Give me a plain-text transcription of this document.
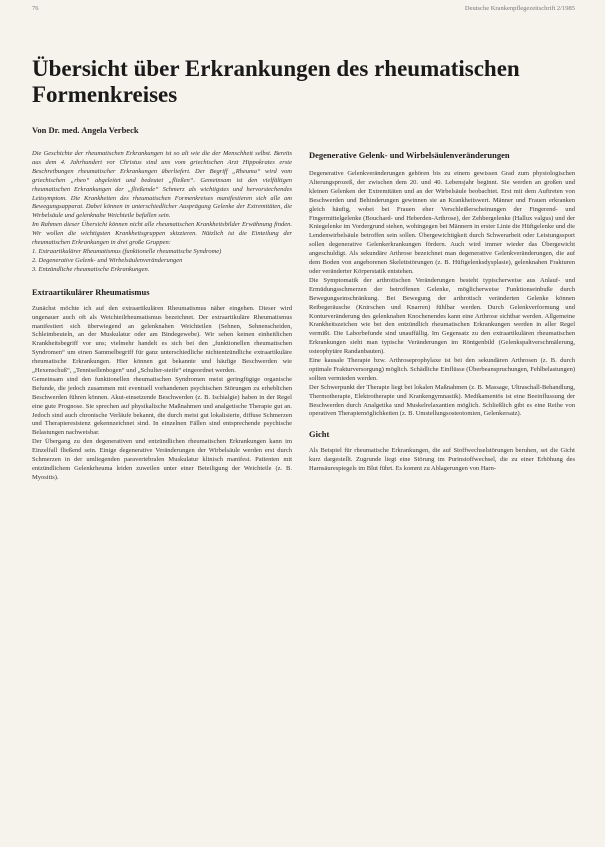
76	Deutsche Krankenpflegezeitschrift 2/1985
Übersicht über Erkrankungen des rheumatischen Formenkreises
Von Dr. med. Angela Verbeck

Die Geschichte der rheumatischen Erkrankungen ist so alt wie die der Menschheit selbst. Bereits aus dem 4. Jahrhundert vor Christus sind uns vom griechischen Arzt Hippokrates erste Beschreibungen rheumatischer Erkrankungen überliefert. Der Begriff „Rheuma“ wird vom griechischen „rheo“ abgeleitet und bedeutet „fließen“. Gemeinsam ist den vielfältigen rheumatischen Erkrankungen der „fließende“ Schmerz als wichtigstes und hervorstechendes Leitsymptom. Die Krankheiten des rheumatischen Formenkreises manifestieren sich alle am Bewegungsapparat. Dabei können in unterschiedlicher Ausprägung Gelenke der Extremitäten, die Wirbelsäule und gelenknahe Weichteile befallen sein.

Im Rahmen dieser Übersicht können nicht alle rheumatischen Krankheitsbilder Erwähnung finden. Wir wollen die wichtigsten Krankheitsgruppen skizzieren. Nützlich ist die Einteilung der rheumatischen Erkrankungen in drei große Gruppen:

1. Extraartikulärer Rheumatismus (funktionelle rheumatische Syndrome)
2. Degenerative Gelenk- und Wirbelsäulenveränderungen
3. Entzündliche rheumatische Erkrankungen.
Extraartikulärer Rheumatismus

Zunächst möchte ich auf den extraartikulären Rheumatismus näher eingehen. Dieser wird ungenauer auch oft als Weichteilrheumatismus bezeichnet. Der extraartikuläre Rheumatismus manifestiert sich überwiegend an gelenknahen Weichteilen (Sehnen, Sehnenscheiden, Schleimbeuteln, an der Muskulatur oder am Bindegewebe). Wir sehen keinen einheitlichen Krankheitsbegriff vor uns; vielmehr handelt es sich bei den „funktionellen rheumatischen Syndromen“ um einen Sammelbegriff für ganz unterschiedliche nichtentzündliche extraartikuläre rheumatische Erkrankungen. Hier können gut bekannte und häufige Beschwerden wie „Hexenschuß“, „Tennisellenbogen“ und „Schulter-steife“ eingeordnet werden.

Gemeinsam sind den funktionellen rheumatischen Syndromen meist geringfügige organische Befunde, die jedoch zusammen mit eventuell vorhandenen psychischen Störungen zu erheblichen Beschwerden führen können. Akut-einsetzende Beschwerden (z. B. Ischialgie) haben in der Regel eine gute Prognose. Sie sprechen auf physikalische Maßnahmen und analgetische Therapie gut an. Jedoch sind auch chronische Verläufe bekannt, die durch meist gut lokalisierte, diffuse Schmerzen und Therapieresistenz gekennzeichnet sind. In einzelnen Fällen sind entsprechende psychische Belastungen nachweisbar.

Der Übergang zu den degenerativen und entzündlichen rheumatischen Erkrankungen kann im Einzelfall fließend sein. Einige degenerative Veränderungen der Wirbelsäule werden erst durch Schmerzen in der umliegenden paravertebralen Muskulatur klinisch manifest. Patienten mit entzündlichem Gelenkrheuma leiden zuweilen unter einer Beteiligung der Weichteile (z. B. Myositis).

Degenerative Gelenk- und Wirbelsäulenveränderungen

Degenerative Gelenkveränderungen gehören bis zu einem gewissen Grad zum physiologischen Alterungsprozeß, der zwischen dem 20. und 40. Lebensjahr beginnt. Sie werden an großen und kleinen Gelenken der Extremitäten und an der Wirbelsäule beobachtet. Erst mit dem Auftreten von Beschwerden und Behinderungen gewinnen sie an Krankheitswert. Männer und Frauen erkranken gleich häufig, wobei bei Frauen eher Verschleißerscheinungen der Fingerend- und Fingermittelgelenke (Bouchard- und Heberden-Arthrose), der Zehbergelenke (Hallux valgus) und der Kniegelenke im Vordergrund stehen, wohingegen bei Männern in erster Linie die Hüftgelenke und die Lendenwirbelsäule betroffen sein sollen. Übergewichtigkeit durch Schwerarbeit oder Leistungssport sollen degenerative Gelenkerkrankungen fördern. Auch wird immer wieder das Übergewicht angeschuldigt. Als sekundäre Arthrose bezeichnet man degenerative Gelenkveränderungen, die auf dem Boden von angeborenen Skelettstörungen (z. B. Hüftgelenksdysplasie), gelenknahen Frakturen oder veränderter Körperstatik entstehen.

Die Symptomatik der arthrotischen Veränderungen besteht typischerweise aus Anlauf- und Ermüdungsschmerzen der betroffenen Gelenke, möglicherweise Funktionseinbuße durch Bewegungseinschränkung. Bei Bewegung der arthrotisch veränderten Gelenke können Reibegeräusche (Knirschen und Knarren) fühlbar werden. Durch Gelenkverformung und Konturveränderung des gelenknahen Knochenendes kann eine Arthrose sichtbar werden. Allgemeine Krankheitszeichen wie bei den entzündlich rheumatischen Erkrankungen werden in aller Regel vermißt. Die Laborbefunde sind unauffällig. Im Gegensatz zu den extraartikulären rheumatischen Erkrankungen sieht man typische Veränderungen im Röntgenbild (Gelenkspaltverschmälerung, osteophytäre Randanbauten).

Eine kausale Therapie bzw. Arthroseprophylaxe ist bei den sekundären Arthrosen (z. B. durch optimale Frakturversorgung) möglich. Schädliche Einflüsse (Überbeanspruchungen, Fehlbelastungen) sollten vermieden werden.

Der Schwerpunkt der Therapie liegt bei lokalen Maßnahmen (z. B. Massage, Ultraschall-Behandlung, Thermotherapie, Elektrotherapie und Krankengymnastik). Medikamentös ist eine Beeinflussung der Beschwerden durch Analgetika und Muskelrelaxantien möglich. Schließlich gibt es eine Reihe von operativen Therapiemöglichkeiten (z. B. Umstellungsosteotomien, Gelenkersatz).

Gicht

Als Beispiel für rheumatische Erkrankungen, die auf Stoffwechselstörungen beruhen, sei die Gicht kurz dargestellt. Zugrunde liegt eine Störung im Purinstoffwechsel, die zu einer Erhöhung des Harnsäurespiegels im Blut führt. Es kommt zu Ablagerungen von Harn-
